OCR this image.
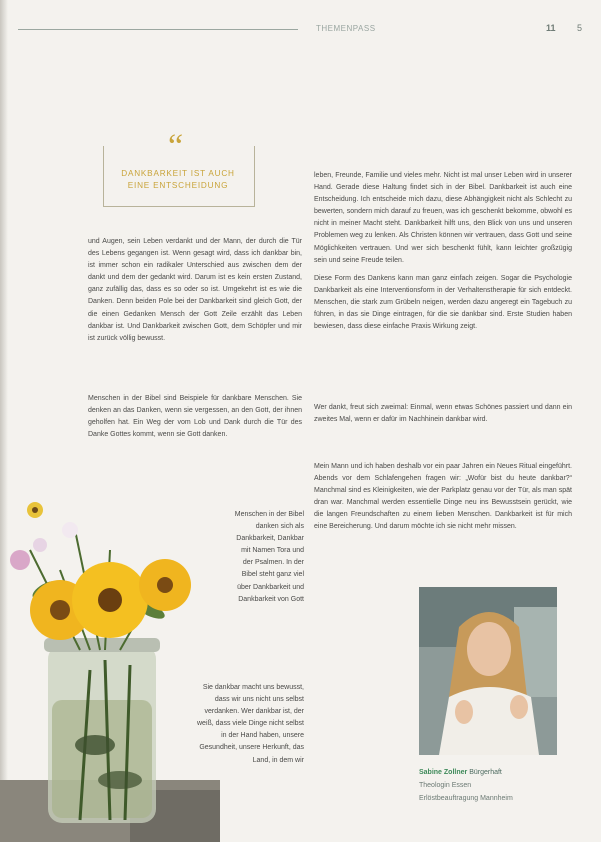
THEMENPASS	11 5
“
DANKBARKEIT IST AUCH
EINE ENTSCHEIDUNG

und Augen, sein Leben verdankt und der Mann, der durch die Tür des Lebens gegangen ist. Wenn gesagt wird, dass ich dankbar bin, ist immer schon ein radikaler Unterschied aus zwischen dem der dankt und dem der gedankt wird. Darum ist es kein ersten Zustand, ganz zufällig das, dass es so oder so ist. Umgekehrt ist es wie die Danken. Denn beiden Pole bei der Dankbarkeit sind gleich Gott, der die einen Gedanken Mensch der Gott Zeile erzählt das Leben dankbar ist. Und Dankbarkeit zwischen Gott, dem Schöpfer und mir ist zurück völlig bewusst.

Menschen in der Bibel sind Beispiele für dankbare Menschen. Sie denken an das Danken, wenn sie vergessen, an den Gott, der ihnen geholfen hat. Ein Weg der vom Lob und Dank durch die Tür des Danke Gottes kommt, wenn sie Gott danken.

Menschen in der Bibel danken sich als Dankbarkeit, Dankbar mit Namen Tora und der Psalmen. In der Bibel steht ganz viel über Dankbarkeit und Dankbarkeit von Gott

Sie dankbar macht uns bewusst, dass wir uns nicht uns selbst verdanken. Wer dankbar ist, der weiß, dass viele Dinge nicht selbst in der Hand haben, unsere Gesundheit, unsere Herkunft, das Land, in dem wir

leben, Freunde, Familie und vieles mehr. Nicht ist mal unser Leben wird in unserer Hand. Gerade diese Haltung findet sich in der Bibel. Dankbarkeit ist auch eine Entscheidung. Ich entscheide mich dazu, diese Abhängigkeit nicht als Schlecht zu bewerten, sondern mich darauf zu freuen, was ich geschenkt bekomme, obwohl es nicht in meiner Macht steht. Dankbarkeit hilft uns, den Blick von uns und unseren Problemen weg zu lenken. Als Christen können wir vertrauen, dass Gott und seine Möglichkeiten vertrauen. Und wer sich beschenkt fühlt, kann leichter großzügig sein und seine Freude teilen.

Diese Form des Dankens kann man ganz einfach zeigen. Sogar die Psychologie Dankbarkeit als eine Interventionsform in der Verhaltenstherapie für sich entdeckt. Menschen, die stark zum Grübeln neigen, werden dazu angeregt ein Tagebuch zu führen, in das sie Dinge eintragen, für die sie dankbar sind. Erste Studien haben bewiesen, dass diese einfache Praxis Wirkung zeigt.

Wer dankt, freut sich zweimal: Einmal, wenn etwas Schönes passiert und dann ein zweites Mal, wenn er dafür im Nachhinein dankbar wird.

Mein Mann und ich haben deshalb vor ein paar Jahren ein Neues Ritual eingeführt. Abends vor dem Schlafengehen fragen wir: „Wofür bist du heute dankbar?“ Manchmal sind es Kleinigkeiten, wie der Parkplatz genau vor der Tür, als man spät dran war. Manchmal werden essentielle Dinge neu ins Bewusstsein gerückt, wie die langen Freundschaften zu einem lieben Menschen. Dankbarkeit ist für mich eine Bereicherung. Und darum möchte ich sie nicht mehr missen.

Sabine Zollner Bürgerhaft
Theologin Essen
Erlöstbeauftragung Mannheim
